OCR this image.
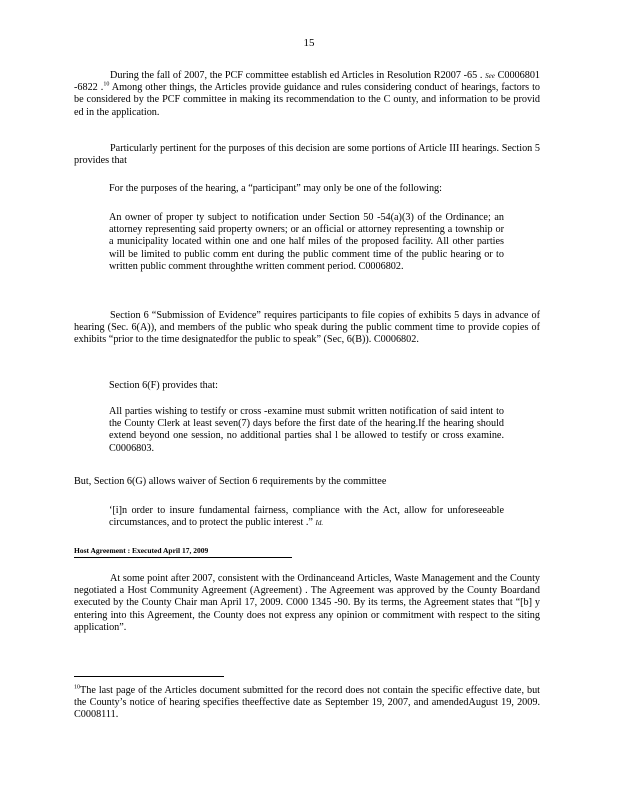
15
During the fall of 2007, the PCF committee establish ed Articles in Resolution R2007 -65 . See C0006801 -6822 .$^{10}$ Among other things, the Articles provide guidance and rules considering conduct of hearings, factors to be considered by the PCF committee in making its recommendation to the C ounty, and information to be provid ed in the application.
Particularly pertinent for the purposes of this decision are some portions of Article III hearings. Section 5 provides that
For the purposes of the hearing, a “participant” may only be one of the following:
An owner of proper ty subject to notification under Section 50 -54(a)(3) of the Ordinance; an attorney representing said property owners; or an official or attorney representing a township or a municipality located within one and one half miles of the proposed facility. All other parties will be limited to public comm ent during the public comment time of the public hearing or to written public comment throughthe written comment period. C0006802.
Section 6 “Submission of Evidence” requires participants to file copies of exhibits 5 days in advance of hearing (Sec. 6(A)), and members of the public who speak during the public comment time to provide copies of exhibits “prior to the time designatedfor the public to speak” (Sec, 6(B)). C0006802.
Section 6(F) provides that:
All parties wishing to testify or cross -examine must submit written notification of said intent to the County Clerk at least seven(7) days before the first date of the hearing.If the hearing should extend beyond one session, no additional parties shal l be allowed to testify or cross examine. C0006803.
But, Section 6(G) allows waiver of Section 6 requirements by the committee
‘[i]n order to insure fundamental fairness, compliance with the Act, allow for unforeseeable circumstances, and to protect the public interest .” Id.
Host Agreement : Executed April 17, 2009
At some point after 2007, consistent with the Ordinanceand Articles, Waste Management and the County negotiated a Host Community Agreement (Agreement) . The Agreement was approved by the County Boardand executed by the County Chair man April 17, 2009. C000 1345 -90. By its terms, the Agreement states that “[b] y entering into this Agreement, the County does not express any opinion or commitment with respect to the siting application”.
$^{10}$The last page of the Articles document submitted for the record does not contain the specific effective date, but the County’s notice of hearing specifies theeffective date as September 19, 2007, and amendedAugust 19, 2009. C0008111.
